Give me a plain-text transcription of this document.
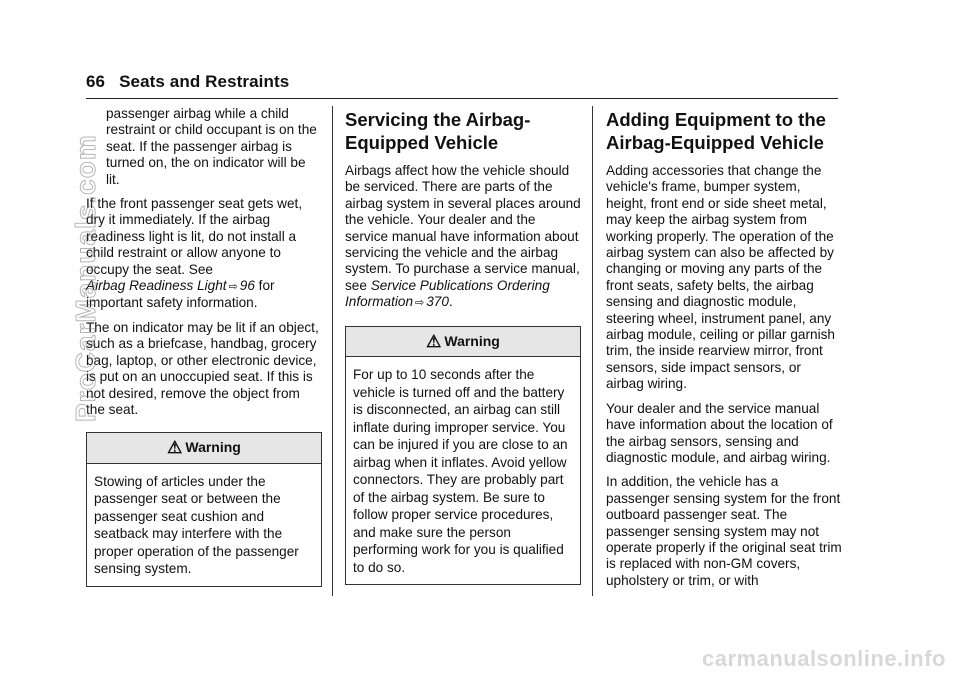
66 Seats and Restraints

passenger airbag while a child restraint or child occupant is on the seat. If the passenger airbag is turned on, the on indicator will be lit.

If the front passenger seat gets wet, dry it immediately. If the airbag readiness light is lit, do not install a child restraint or allow anyone to occupy the seat. See Airbag Readiness Light ⇨ 96 for important safety information.

The on indicator may be lit if an object, such as a briefcase, handbag, grocery bag, laptop, or other electronic device, is put on an unoccupied seat. If this is not desired, remove the object from the seat.

⚠ Warning
Stowing of articles under the passenger seat or between the passenger seat cushion and seatback may interfere with the proper operation of the passenger sensing system.
Servicing the Airbag-Equipped Vehicle

Airbags affect how the vehicle should be serviced. There are parts of the airbag system in several places around the vehicle. Your dealer and the service manual have information about servicing the vehicle and the airbag system. To purchase a service manual, see Service Publications Ordering Information ⇨ 370.

⚠ Warning
For up to 10 seconds after the vehicle is turned off and the battery is disconnected, an airbag can still inflate during improper service. You can be injured if you are close to an airbag when it inflates. Avoid yellow connectors. They are probably part of the airbag system. Be sure to follow proper service procedures, and make sure the person performing work for you is qualified to do so.
Adding Equipment to the Airbag-Equipped Vehicle

Adding accessories that change the vehicle's frame, bumper system, height, front end or side sheet metal, may keep the airbag system from working properly. The operation of the airbag system can also be affected by changing or moving any parts of the front seats, safety belts, the airbag sensing and diagnostic module, steering wheel, instrument panel, any airbag module, ceiling or pillar garnish trim, the inside rearview mirror, front sensors, side impact sensors, or airbag wiring.

Your dealer and the service manual have information about the location of the airbag sensors, sensing and diagnostic module, and airbag wiring.

In addition, the vehicle has a passenger sensing system for the front outboard passenger seat. The passenger sensing system may not operate properly if the original seat trim is replaced with non-GM covers, upholstery or trim, or with

ProCarManuals.com
carmanualsonline.info
